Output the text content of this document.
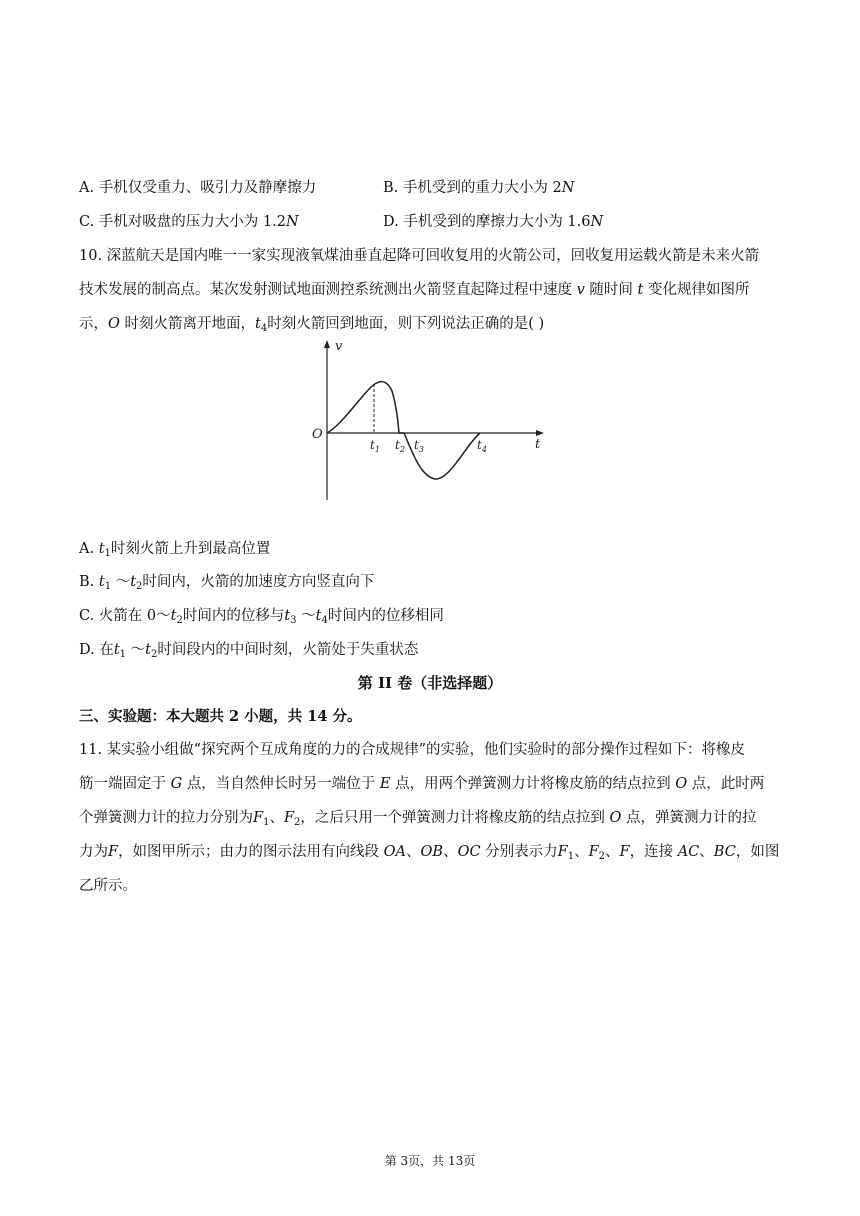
A. 手机仅受重力、吸引力及静摩擦力	B. 手机受到的重力大小为 2N
C. 手机对吸盘的压力大小为 1.2N	D. 手机受到的摩擦力大小为 1.6N
10. 深蓝航天是国内唯一一家实现液氧煤油垂直起降可回收复用的火箭公司，回收复用运载火箭是未来火箭
技术发展的制高点。某次发射测试地面测控系统测出火箭竖直起降过程中速度 v 随时间 t 变化规律如图所
示，O 时刻火箭离开地面，$t_4$时刻火箭回到地面，则下列说法正确的是( )
v
t
O
$t_1$ $t_2$ $t_3$	$t_4$
A. $t_1$时刻火箭上升到最高位置
B. $t_1$ $\sim t_2$时间内，火箭的加速度方向竖直向下
C. 火箭在 $0\sim t_2$时间内的位移与$t_3$ $\sim t_4$时间内的位移相同
D. 在$t_1$ $\sim t_2$时间段内的中间时刻，火箭处于失重状态
第 II 卷（非选择题）
三、实验题：本大题共 2 小题，共 14 分。
11. 某实验小组做“探究两个互成角度的力的合成规律”的实验，他们实验时的部分操作过程如下：将橡皮
筋一端固定于 G 点，当自然伸长时另一端位于 E 点，用两个弹簧测力计将橡皮筋的结点拉到 O 点，此时两
个弹簧测力计的拉力分别为$F_1$、$F_2$，之后只用一个弹簧测力计将橡皮筋的结点拉到 O 点，弹簧测力计的拉
力为F，如图甲所示；由力的图示法用有向线段 OA、OB、OC 分别表示力$F_1$、$F_2$、F，连接 AC、BC，如图
乙所示。
第 3页，共 13页
